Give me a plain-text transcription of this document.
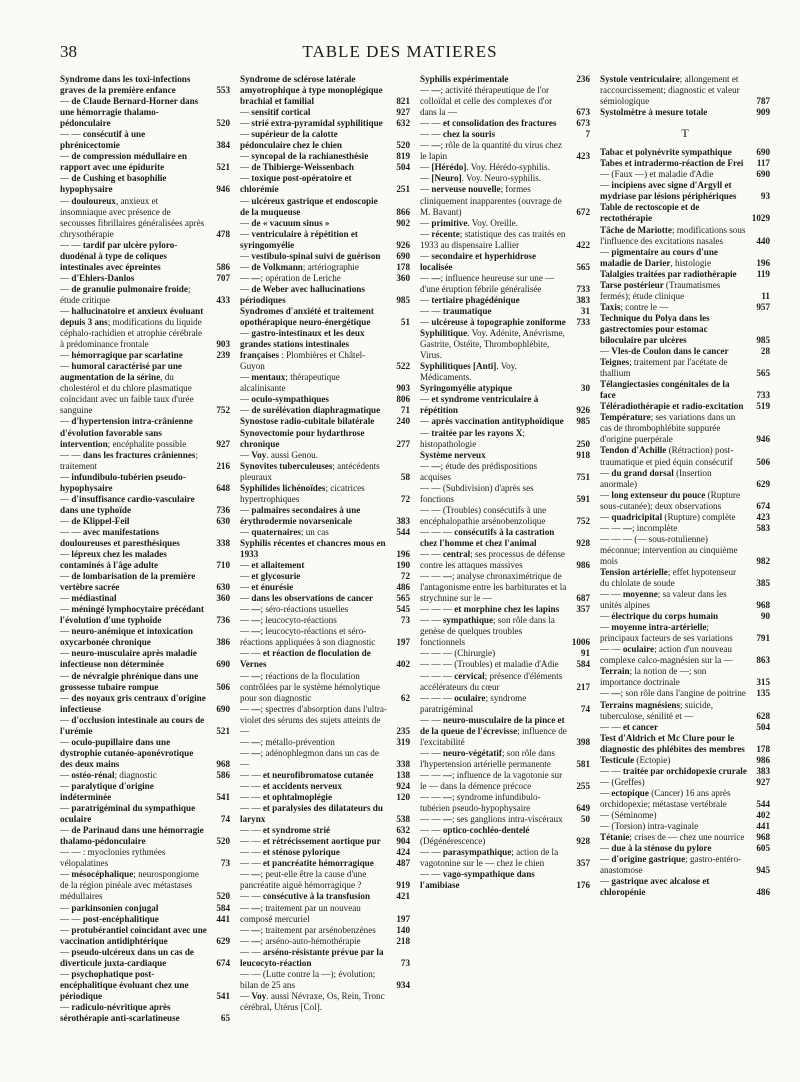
38	TABLE DES MATIERES
Syndrome dans les toxi-infections graves de la première enfance	553
— de Claude Bernard-Horner dans une hémorragie thalamo-pédonculaire	520
— — consécutif à une phrénicectomie	384
— de compression médullaire en rapport avec une épidurite	521
— de Cushing et basophilie hypophysaire	946
— douloureux, anxieux et insomniaque avec présence de secousses fibrillaires généralisées après chrysothérapie	478
— — tardif par ulcère pyloro-duodénal à type de coliques intestinales avec épreintes	586
— d'Ehlers-Danlos	707
— de granulie pulmonaire froide; étude critique	433
— hallucinatoire et anxieux évoluant depuis 3 ans; modifications du liquide céphalo-rachidien et atrophie cérébrale à prédominance frontale	903
— hémorragique par scarlatine	239
— humoral caractérisé par une augmentation de la sérine, du cholestérol et du chlore plasmatique coïncidant avec un faible taux d'urée sanguine	752
— d'hypertension intra-crânienne d'évolution favorable sans intervention; encéphalite possible	927
— — dans les fractures crâniennes; traitement	216
— infundibulo-tubérien pseudo-hypophysaire	648
— d'insuffisance cardio-vasculaire dans une typhoïde	736
— de Klippel-Feil	630
— — avec manifestations douloureuses et paresthésiques	338
— lépreux chez les malades contaminés à l'âge adulte	710
— de lombarisation de la première vertèbre sacrée	630
— médiastinal	360
— méningé lymphocytaire précédant l'évolution d'une typhoïde	736
— neuro-anémique et intoxication oxycarbonée chronique	386
— neuro-musculaire après maladie infectieuse non déterminée	690
— de névralgie phrénique dans une grossesse tubaire rompue	506
— des noyaux gris centraux d'origine infectieuse	690
— d'occlusion intestinale au cours de l'urémie	521
— oculo-pupillaire dans une dystrophie cutanéo-aponévrotique des deux mains	968
— ostéo-rénal; diagnostic	586
— paralytique d'origine indéterminée	541
— paratrigéminal du sympathique oculaire	74
— de Parinaud dans une hémorragie thalamo-pédonculaire	520
— — : myoclonies rythmées vélopalatines	73
— mésocéphalique; neurospongiome de la région pinéale avec métastases médullaires	520
— parkinsonien conjugal	584
— — post-encéphalitique	441
— protubérantiel coïncidant avec une vaccination antidiphtérique	629
— pseudo-ulcéreux dans un cas de diverticule juxta-cardiaque	674
— psychophatique post-encéphalitique évoluant chez une périodique	541
— radiculo-névritique après sérothérapie anti-scarlatineuse	65
Syndrome de sclérose latérale amyotrophique à type monoplégique brachial et familial	821
— sensitif cortical	927
— strié extra-pyramidal syphilitique	632
— supérieur de la calotte pédonculaire chez le chien	520
— syncopal de la rachianesthésie	819
— de Thibierge-Weissenbach	504
— toxique post-opératoire et chlorémie	251
— ulcéreux gastrique et endoscopie de la muqueuse	866
— de « vacuum sinus »	902
— ventriculaire à répétition et syringomyélie	926
— vestibulo-spinal suivi de guérison	690
— de Volkmann; artériographie	178
— —; opération de Leriche	360
— de Weber avec hallucinations périodiques	985
Syndromes d'anxiété et traitement opothérapique neuro-énergétique	51
— gastro-intestinaux et les deux grandes stations intestinales françaises : Plombières et Châtel-Guyon	522
— mentaux; thérapeutique alcalinisante	903
— oculo-sympathiques	806
— de surélévation diaphragmatique	71
Synostose radio-cubitale bilatérale	240
Synovectomie pour hydarthrose chronique	277
— Voy. aussi Genou.
Synovites tuberculeuses; antécédents pleuraux	58
Syphilides lichénoïdes; cicatrices hypertrophiques	72
— palmaires secondaires à une érythrodermie novarsenicale	383
— quaternaires; un cas	544
Syphilis récentes et chancres mous en 1933	196
— et allaitement	190
— et glycosurie	72
— et énurésie	486
— dans les observations de cancer	565
— —; séro-réactions usuelles	545
— —; leucocyto-réactions	73
— —; leucocyto-réactions et séro-réactions appliquées à son diagnostic	197
— — et réaction de floculation de Vernes	402
— —; réactions de la floculation contrôlées par le système hémolytique pour son diagnostic	62
— —; spectres d'absorption dans l'ultra-violet des sérums des sujets atteints de —	235
— —; métallo-prévention	319
— —; adénophlegmon dans un cas de —	338
— — et neurofibromatose cutanée	138
— — et accidents nerveux	924
— — et ophtalmoplégie	120
— — et paralysies des dilatateurs du larynx	538
— — et syndrome strié	632
— — et rétrécissement aortique pur	904
— — et sténose pylorique	424
— — et pancréatite hémorragique	487
— —; peut-elle être la cause d'une pancréatite aiguë hémorragique ?	919
— — consécutive à la transfusion	421
— —; traitement par un nouveau composé mercuriel	197
— —; traitement par arsénobenzènes	140
— —; arséno-auto-hémothérapie	218
— — arséno-résistante prévue par la leucocyto-réaction	73
— — (Lutte contre la —); évolution; bilan de 25 ans	934
— Voy. aussi Névraxe, Os, Rein, Tronc cérébral, Utérus [Col].
Syphilis expérimentale	236
— —; activité thérapeutique de l'or colloïdal et celle des complexes d'or dans la —	673
— — et consolidation des fractures	673
— — chez la souris	7
— —; rôle de la quantité du virus chez le lapin	423
— [Hérédo]. Voy. Hérédo-syphilis.
— [Neuro]. Voy. Neuro-syphilis.
— nerveuse nouvelle; formes cliniquement inapparentes (ouvrage de M. Bavant)	672
— primitive. Voy. Oreille.
— récente; statistique des cas traités en 1933 au dispensaire Lallier	422
— secondaire et hyperhidrose localisée	565
— —; influence heureuse sur une — d'une éruption fébrile généralisée	733
— tertiaire phagédénique	383
— — traumatique	31
— ulcéreuse à topographie zoniforme	733
Syphilitique. Voy. Adénite, Anévrisme, Gastrite, Ostéite, Thrombophlébite, Virus.
Syphilitiques [Anti]. Voy. Médicaments.
Syringomyélie atypique	30
— et syndrome ventriculaire à répétition	926
— après vaccination antityphoïdique	985
— traitée par les rayons X; histopathologie	250
Système nerveux	918
— —; étude des prédispositions acquises	751
— — (Subdivision) d'après ses fonctions	591
— — (Troubles) consécutifs à une encéphalopathie arsénobenzolique	752
— — — consécutifs à la castration chez l'homme et chez l'animal	928
— — central; ses processus de défense contre les attaques massives	986
— — —; analyse chronaximétrique de l'antagonisme entre les barbiturates et la strychnine sur le —	687
— — — et morphine chez les lapins	357
— — sympathique; son rôle dans la genèse de quelques troubles fonctionnels	1006
— — — (Chirurgie)	91
— — — (Troubles) et maladie d'Adie	584
— — — cervical; présence d'éléments accélérateurs du cœur	217
— — — oculaire; syndrome paratrigéminal	74
— — neuro-musculaire de la pince et de la queue de l'écrevisse; influence de l'excitabilité	398
— — neuro-végétatif; son rôle dans l'hypertension artérielle permanente	581
— — —; influence de la vagotonie sur le — dans la démence précoce	255
— — —; syndrome infundibulo-tubérien pseudo-hypophysaire	649
— — —; ses ganglions intra-viscéraux	50
— — optico-cochléo-dentelé (Dégénérescence)	928
— — parasympathique; action de la vagotonine sur le — chez le chien	357
— — vago-sympathique dans l'amibiase	176
Systole ventriculaire; allongement et raccourcissement; diagnostic et valeur sémiologique	787
Systolmètre à mesure totale	909
T
Tabac et polynévrite sympathique	690
Tabes et intradermo-réaction de Frei	117
— (Faux —) et maladie d'Adie	690
— incipiens avec signe d'Argyll et mydriase par lésions périphériques	93
Table de rectoscopie et de rectothérapie	1029
Tâche de Mariotte; modifications sous l'influence des excitations nasales	440
— pigmentaire au cours d'une maladie de Darier, histologie	196
Talalgies traitées par radiothérapie	119
Tarse postérieur (Traumatismes fermés); étude clinique	11
Taxis; contre le —	957
Technique du Polya dans les gastrectomies pour estomac biloculaire par ulcères	985
— Vles-de Coulon dans le cancer	28
Teignes; traitement par l'acétate de thallium	565
Télangiectasies congénitales de la face	733
Téléradiothérapie et radio-excitation	519
Température; ses variations dans un cas de thrombophlébite suppurée d'origine puerpérale	946
Tendon d'Achille (Rétraction) post-traumatique et pied équin consécutif	506
— du grand dorsal (Insertion anormale)	629
— long extenseur du pouce (Rupture sous-cutanée); deux observations	674
— quadricipital (Rupture) complète	423
— — —; incomplète	583
— — — (— sous-rotulienne) méconnue; intervention au cinquième mois	982
Tension artérielle; effet hypotenseur du chlolate de soude	385
— — moyenne; sa valeur dans les unités alpines	968
— électrique du corps humain	90
— moyenne intra-artérielle; principaux facteurs de ses variations	791
— — oculaire; action d'un nouveau complexe calco-magnésien sur la —	863
Terrain; la notion de —; son importance doctrinale	315
— —; son rôle dans l'angine de poitrine	135
Terrains magnésiens; suicide, tuberculose, sénilité et —	628
— — et cancer	504
Test d'Aldrich et Mc Clure pour le diagnostic des phlébites des membres	178
Testicule (Ectopie)	986
— — traitée par orchidopexie crurale	383
— (Greffes)	927
— ectopique (Cancer) 16 ans après orchidopexie; métastase vertébrale	544
— (Séminome)	402
— (Torsion) intra-vaginale	441
Tétanie; crises de — chez une nourrice	968
— due à la sténose du pylore	605
— d'origine gastrique; gastro-entéro-anastomose	945
— gastrique avec alcalose et chloropénie	486
